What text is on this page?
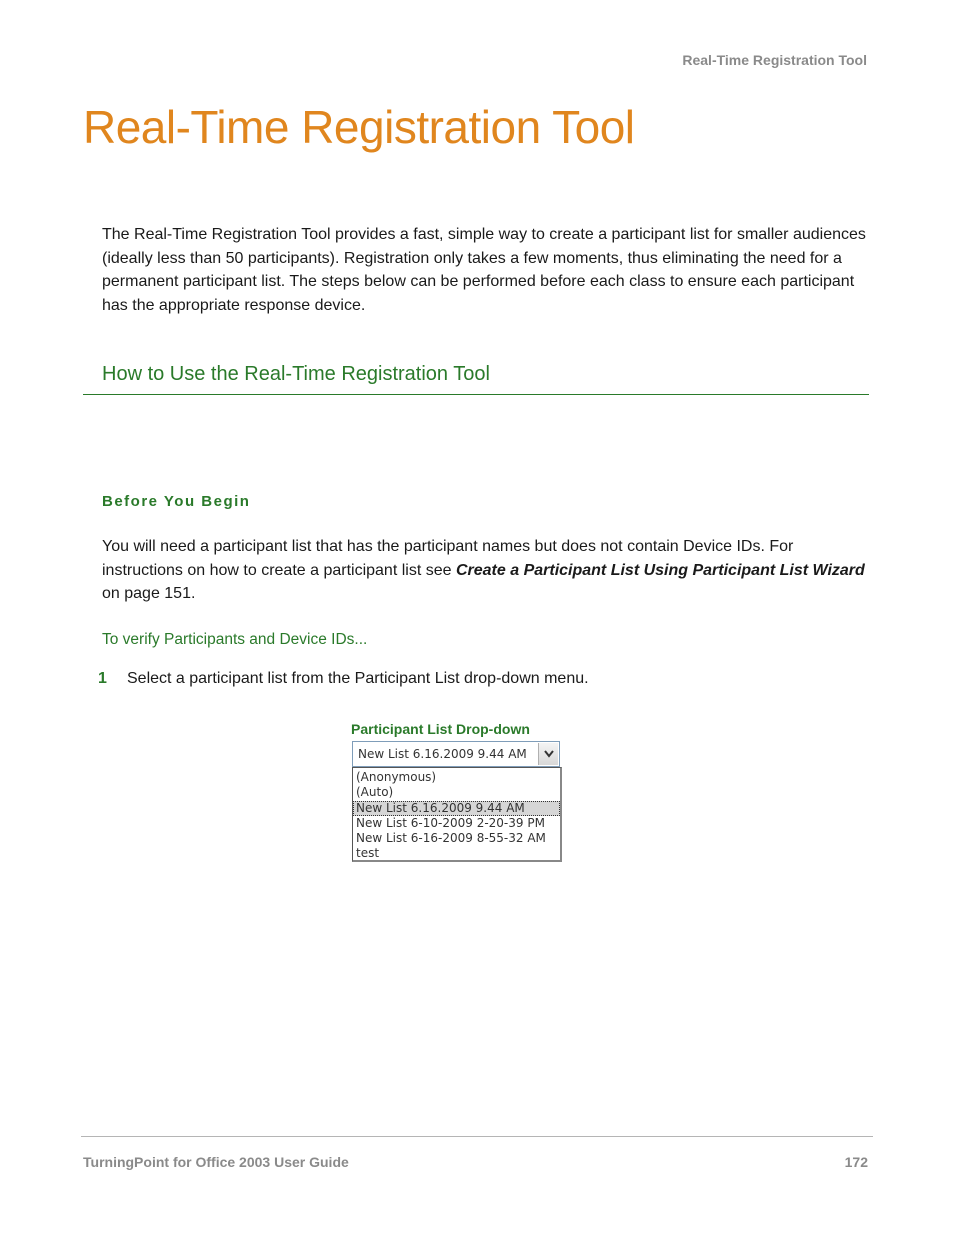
Real-Time Registration Tool
Real-Time Registration Tool

The Real-Time Registration Tool provides a fast, simple way to create a participant list for smaller audiences (ideally less than 50 participants). Registration only takes a few moments, thus eliminating the need for a permanent participant list. The steps below can be performed before each class to ensure each participant has the appropriate response device.

How to Use the Real-Time Registration Tool
Before You Begin

You will need a participant list that has the participant names but does not contain Device IDs. For instructions on how to create a participant list see Create a Participant List Using Participant List Wizard on page 151.

To verify Participants and Device IDs...
1 Select a participant list from the Participant List drop-down menu.
Participant List Drop-down
New List 6.16.2009 9.44 AM
(Anonymous)
(Auto)
New List 6.16.2009 9.44 AM
New List 6-10-2009 2-20-39 PM
New List 6-16-2009 8-55-32 AM
test
TurningPoint for Office 2003 User Guide	172
